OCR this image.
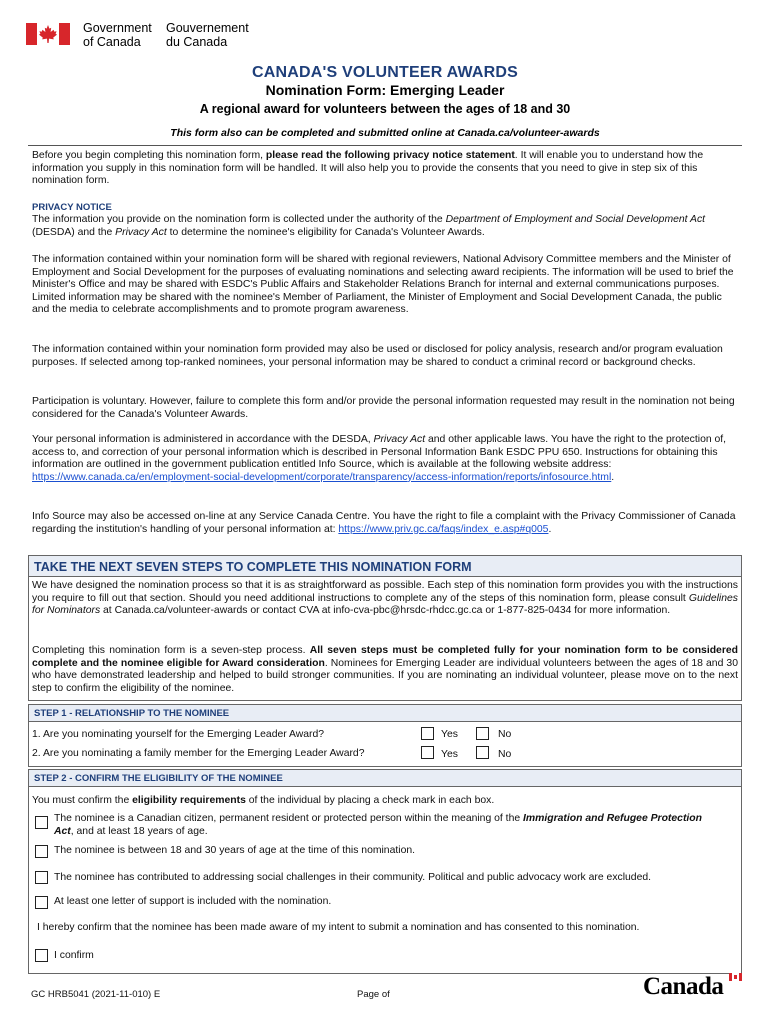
Government
of Canada
Gouvernement
du Canada
CANADA'S VOLUNTEER AWARDS
Nomination Form: Emerging Leader
A regional award for volunteers between the ages of 18 and 30
This form also can be completed and submitted online at Canada.ca/volunteer-awards
Before you begin completing this nomination form, please read the following privacy notice statement. It will enable you to understand how the information you supply in this nomination form will be handled. It will also help you to provide the consents that you need to give in step six of this nomination form.
PRIVACY NOTICE
The information you provide on the nomination form is collected under the authority of the Department of Employment and Social Development Act (DESDA) and the Privacy Act to determine the nominee's eligibility for Canada's Volunteer Awards.
The information contained within your nomination form will be shared with regional reviewers, National Advisory Committee members and the Minister of Employment and Social Development for the purposes of evaluating nominations and selecting award recipients. The information will be used to brief the Minister's Office and may be shared with ESDC's Public Affairs and Stakeholder Relations Branch for internal and external communications purposes. Limited information may be shared with the nominee's Member of Parliament, the Minister of Employment and Social Development Canada, the public and the media to celebrate accomplishments and to promote program awareness.
The information contained within your nomination form provided may also be used or disclosed for policy analysis, research and/or program evaluation purposes. If selected among top-ranked nominees, your personal information may be shared to conduct a criminal record or background checks.
Participation is voluntary. However, failure to complete this form and/or provide the personal information requested may result in the nomination not being considered for the Canada's Volunteer Awards.
Your personal information is administered in accordance with the DESDA, Privacy Act and other applicable laws. You have the right to the protection of, access to, and correction of your personal information which is described in Personal Information Bank ESDC PPU 650. Instructions for obtaining this information are outlined in the government publication entitled Info Source, which is available at the following website address: https://www.canada.ca/en/employment-social-development/corporate/transparency/access-information/reports/infosource.html.
Info Source may also be accessed on-line at any Service Canada Centre. You have the right to file a complaint with the Privacy Commissioner of Canada regarding the institution's handling of your personal information at: https://www.priv.gc.ca/faqs/index_e.asp#q005.
TAKE THE NEXT SEVEN STEPS TO COMPLETE THIS NOMINATION FORM
We have designed the nomination process so that it is as straightforward as possible. Each step of this nomination form provides you with the instructions you require to fill out that section. Should you need additional instructions to complete any of the steps of this nomination form, please consult Guidelines for Nominators at Canada.ca/volunteer-awards or contact CVA at info-cva-pbc@hrsdc-rhdcc.gc.ca or 1-877-825-0434 for more information.
Completing this nomination form is a seven-step process. All seven steps must be completed fully for your nomination form to be considered complete and the nominee eligible for Award consideration. Nominees for Emerging Leader are individual volunteers between the ages of 18 and 30 who have demonstrated leadership and helped to build stronger communities. If you are nominating an individual volunteer, please move on to the next step to confirm the eligibility of the nominee.
STEP 1 - RELATIONSHIP TO THE NOMINEE
1. Are you nominating yourself for the Emerging Leader Award?	Yes	No
2. Are you nominating a family member for the Emerging Leader Award?	Yes	No
STEP 2 - CONFIRM THE ELIGIBILITY OF THE NOMINEE
You must confirm the eligibility requirements of the individual by placing a check mark in each box.
The nominee is a Canadian citizen, permanent resident or protected person within the meaning of the Immigration and Refugee Protection Act, and at least 18 years of age.
The nominee is between 18 and 30 years of age at the time of this nomination.
The nominee has contributed to addressing social challenges in their community. Political and public advocacy work are excluded.
At least one letter of support is included with the nomination.
I hereby confirm that the nominee has been made aware of my intent to submit a nomination and has consented to this nomination.
I confirm
GC HRB5041 (2021-11-010) E	Page of	Canada
